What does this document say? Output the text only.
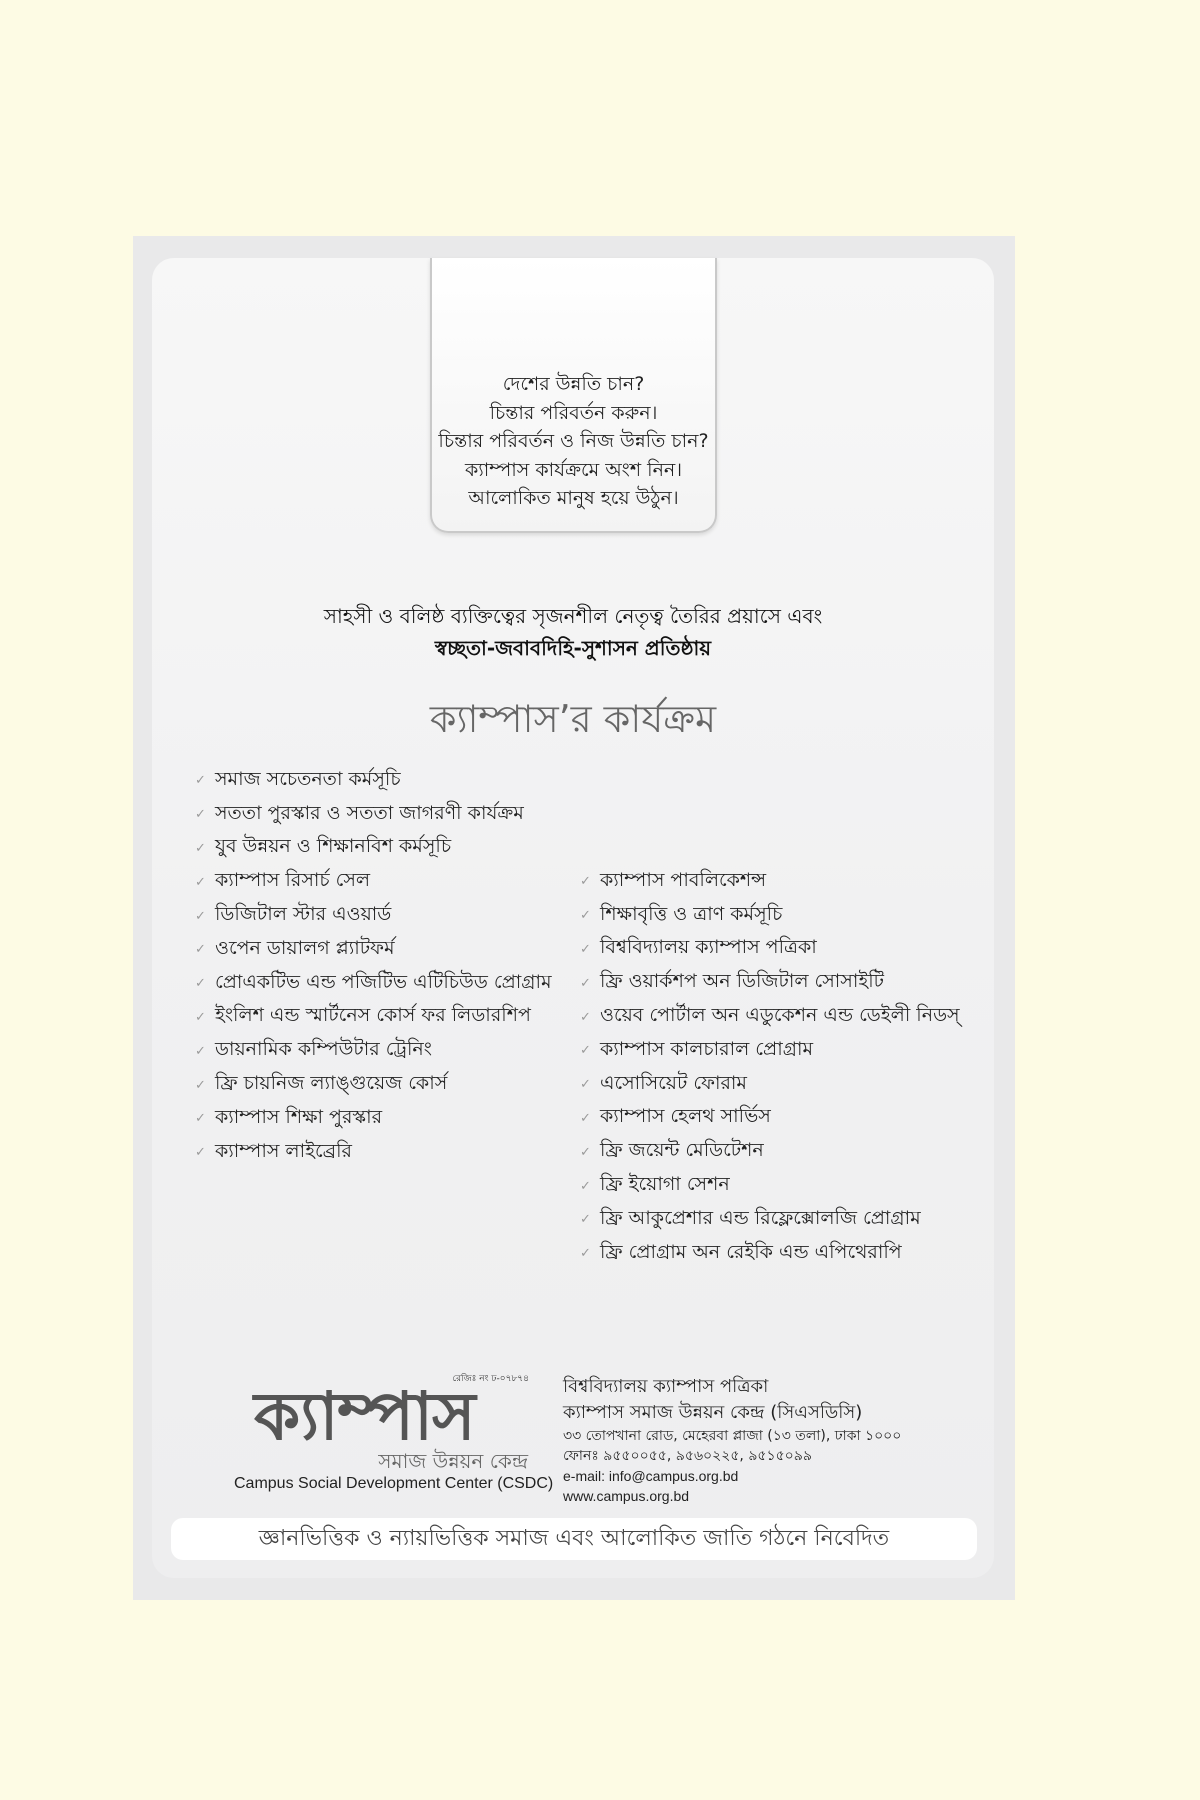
দেশের উন্নতি চান?
চিন্তার পরিবর্তন করুন।
চিন্তার পরিবর্তন ও নিজ উন্নতি চান?
ক্যাম্পাস কার্যক্রমে অংশ নিন।
আলোকিত মানুষ হয়ে উঠুন।
সাহসী ও বলিষ্ঠ ব্যক্তিত্বের সৃজনশীল নেতৃত্ব তৈরির প্রয়াসে এবং
স্বচ্ছতা-জবাবদিহি-সুশাসন প্রতিষ্ঠায়
ক্যাম্পাস’র কার্যক্রম
✓ সমাজ সচেতনতা কর্মসূচি
✓ সততা পুরস্কার ও সততা জাগরণী কার্যক্রম
✓ যুব উন্নয়ন ও শিক্ষানবিশ কর্মসূচি
✓ ক্যাম্পাস রিসার্চ সেল
✓ ডিজিটাল স্টার এওয়ার্ড
✓ ওপেন ডায়ালগ প্ল্যাটফর্ম
✓ প্রোএকটিভ এন্ড পজিটিভ এটিচিউড প্রোগ্রাম
✓ ইংলিশ এন্ড স্মার্টনেস কোর্স ফর লিডারশিপ
✓ ডায়নামিক কম্পিউটার ট্রেনিং
✓ ফ্রি চায়নিজ ল্যাঙ্গুয়েজ কোর্স
✓ ক্যাম্পাস শিক্ষা পুরস্কার
✓ ক্যাম্পাস লাইব্রেরি
✓ ক্যাম্পাস পাবলিকেশন্স
✓ শিক্ষাবৃত্তি ও ত্রাণ কর্মসূচি
✓ বিশ্ববিদ্যালয় ক্যাম্পাস পত্রিকা
✓ ফ্রি ওয়ার্কশপ অন ডিজিটাল সোসাইটি
✓ ওয়েব পোর্টাল অন এডুকেশন এন্ড ডেইলী নিডস্
✓ ক্যাম্পাস কালচারাল প্রোগ্রাম
✓ এসোসিয়েট ফোরাম
✓ ক্যাম্পাস হেলথ সার্ভিস
✓ ফ্রি জয়েন্ট মেডিটেশন
✓ ফ্রি ইয়োগা সেশন
✓ ফ্রি আকুপ্রেশার এন্ড রিফ্লেক্সোলজি প্রোগ্রাম
✓ ফ্রি প্রোগ্রাম অন রেইকি এন্ড এপিথেরাপি
রেজিঃ নং ঢ-০৭৮৭৪
ক্যাম্পাস
সমাজ উন্নয়ন কেন্দ্র
Campus Social Development Center (CSDC)
বিশ্ববিদ্যালয় ক্যাম্পাস পত্রিকা
ক্যাম্পাস সমাজ উন্নয়ন কেন্দ্র (সিএসডিসি)
৩৩ তোপখানা রোড, মেহেরবা প্লাজা (১৩ তলা), ঢাকা ১০০০
ফোনঃ ৯৫৫০০৫৫, ৯৫৬০২২৫, ৯৫১৫০৯৯
e-mail: info@campus.org.bd
www.campus.org.bd
জ্ঞানভিত্তিক ও ন্যায়ভিত্তিক সমাজ এবং আলোকিত জাতি গঠনে নিবেদিত
